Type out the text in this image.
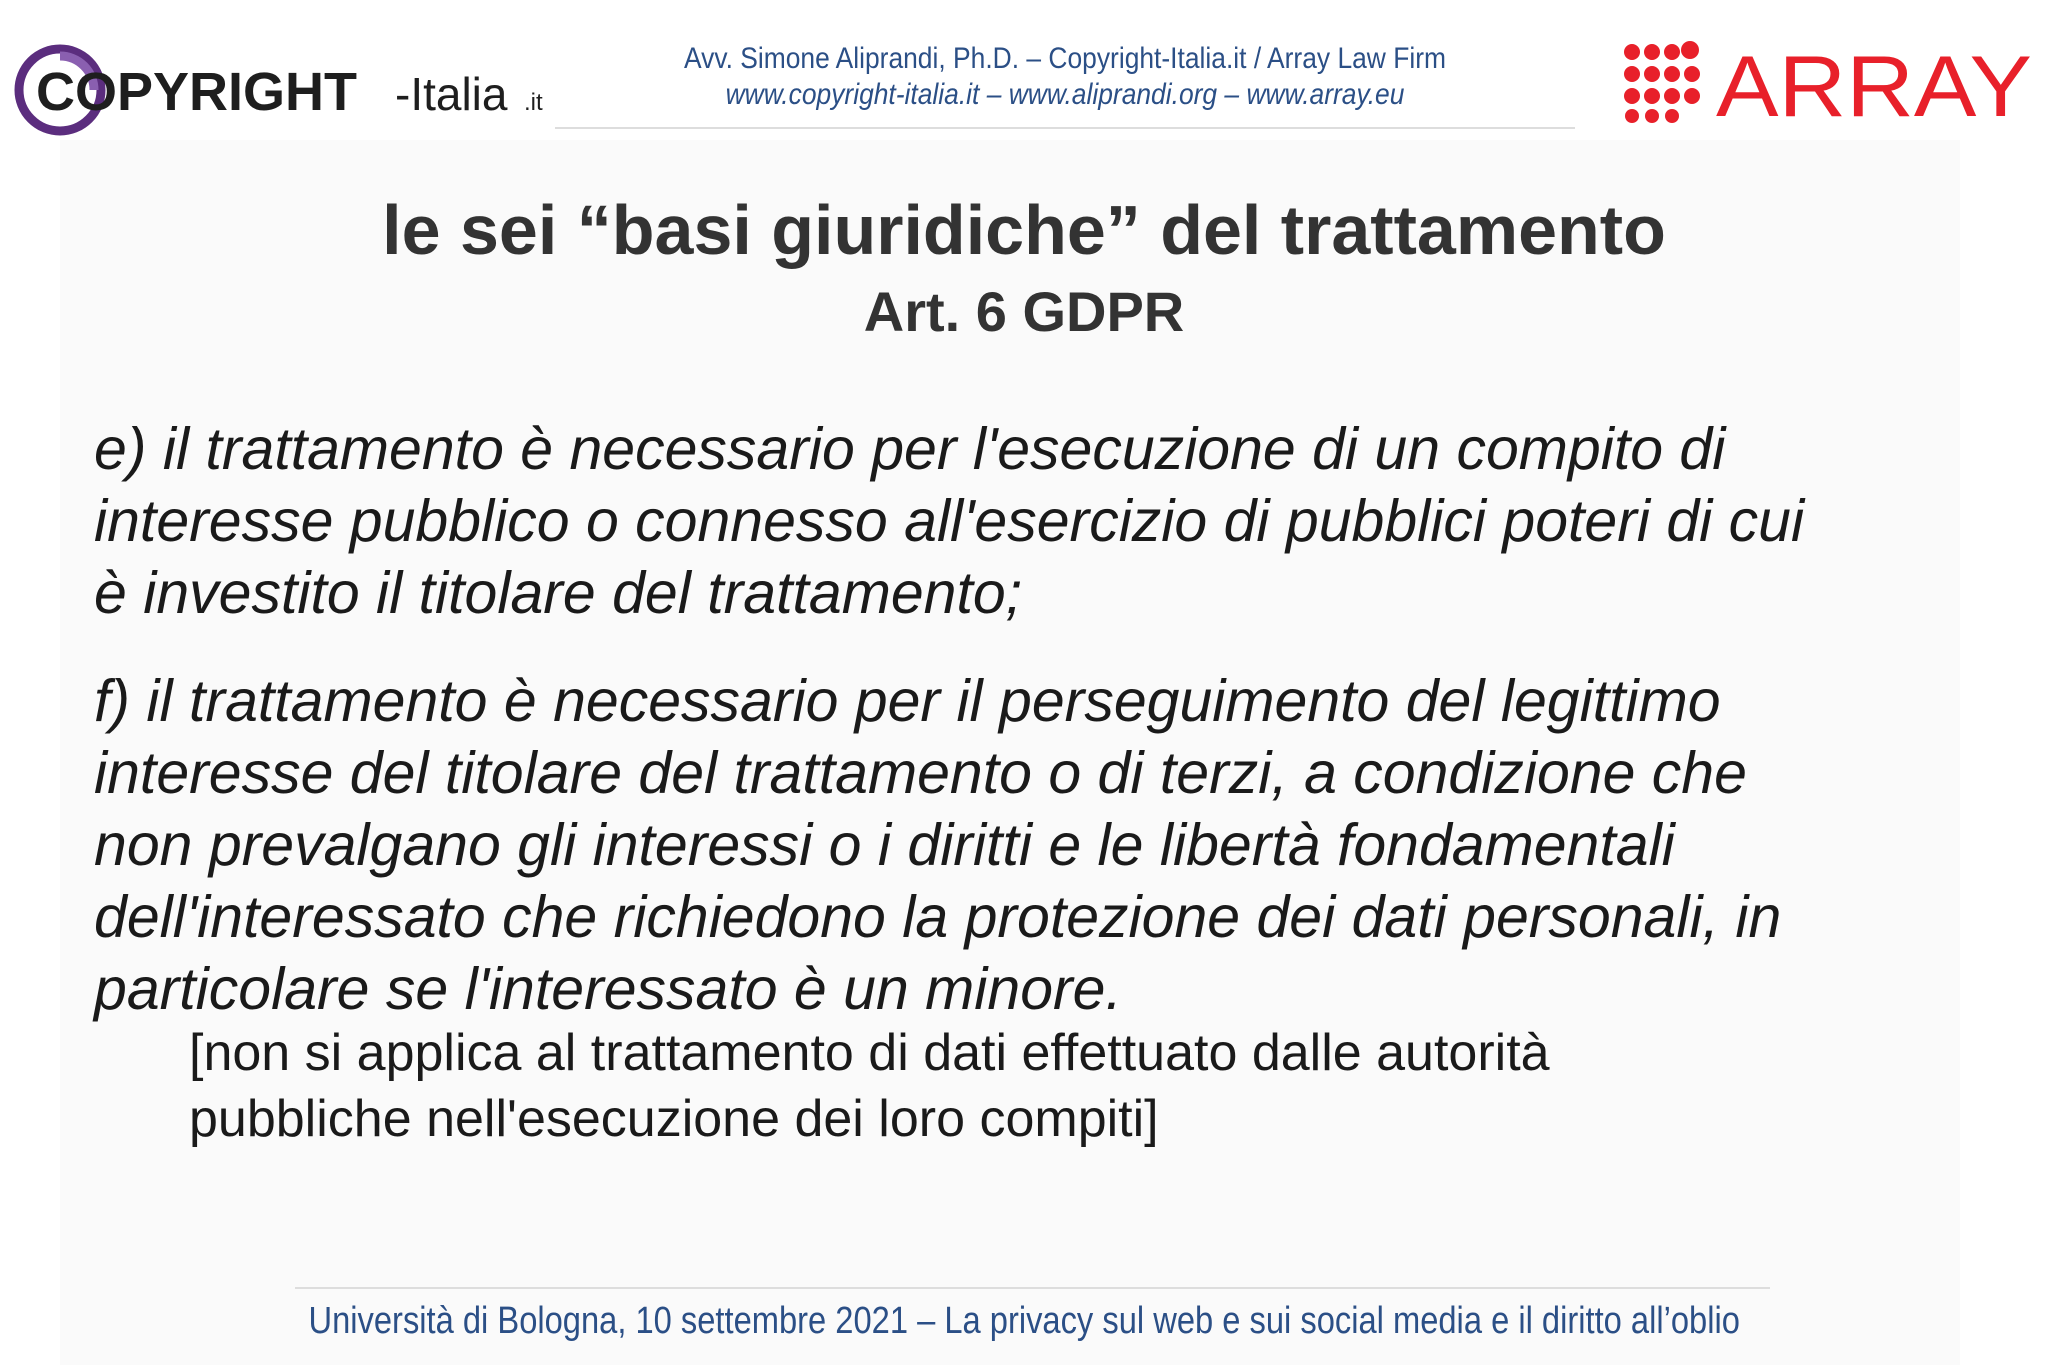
COPYRIGHT -Italia .it
Avv. Simone Aliprandi, Ph.D. – Copyright-Italia.it / Array Law Firm
www.copyright-italia.it – www.aliprandi.org – www.array.eu	ARRAY
le sei “basi giuridiche” del trattamento
Art. 6 GDPR
e) il trattamento è necessario per l'esecuzione di un compito di
interesse pubblico o connesso all'esercizio di pubblici poteri di cui
è investito il titolare del trattamento;
f) il trattamento è necessario per il perseguimento del legittimo
interesse del titolare del trattamento o di terzi, a condizione che
non prevalgano gli interessi o i diritti e le libertà fondamentali
dell'interessato che richiedono la protezione dei dati personali, in
particolare se l'interessato è un minore.
[non si applica al trattamento di dati effettuato dalle autorità
pubbliche nell'esecuzione dei loro compiti]
Università di Bologna, 10 settembre 2021 – La privacy sul web e sui social media e il diritto all’oblio
